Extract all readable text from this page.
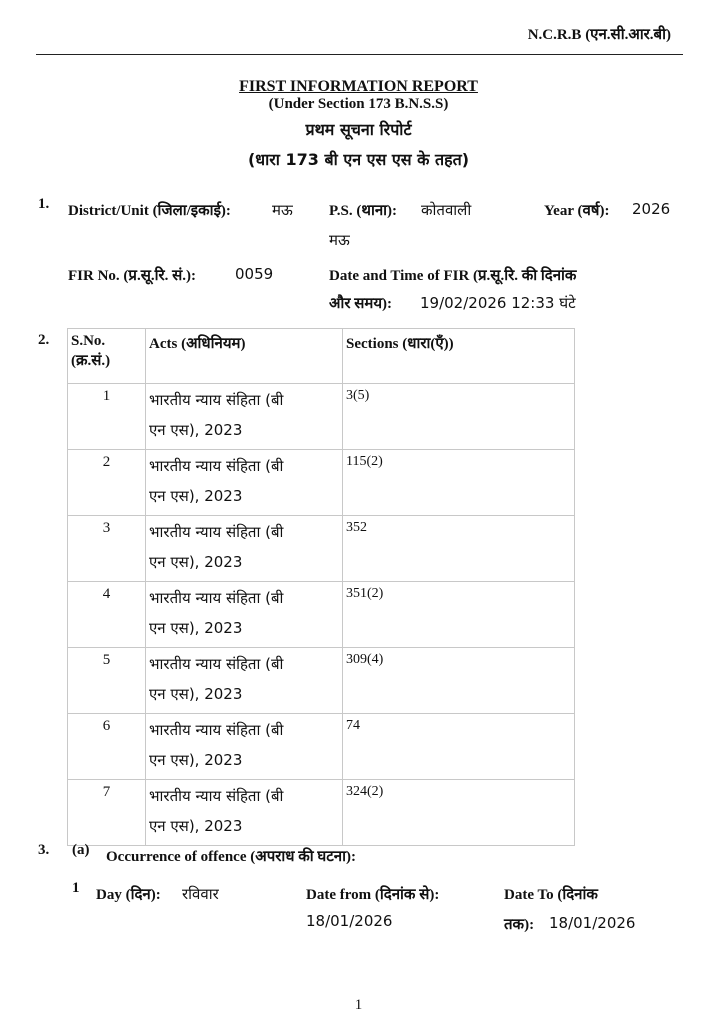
N.C.R.B (एन.सी.आर.बी)
FIRST INFORMATION REPORT
(Under Section 173 B.N.S.S)
प्रथम सूचना रिपोर्ट
(धारा 173 बी एन एस एस के तहत)
1. District/Unit (जिला/इकाई):	मऊ P.S. (थाना): कोतवाली
मऊ
Year (वर्ष): 2026
FIR No. (प्र.सू.रि. सं.):	0059	Date and Time of FIR (प्र.सू.रि. की दिनांक
और समय): 19/02/2026 12:33 घंटे
2. S.No.
(क्र.सं.)	Acts (अधिनियम)	Sections (धारा(एँ))
1	भारतीय न्याय संहिता (बी
एन एस), 2023	3(5)
2	भारतीय न्याय संहिता (बी
एन एस), 2023	115(2)
3	भारतीय न्याय संहिता (बी
एन एस), 2023	352
4	भारतीय न्याय संहिता (बी
एन एस), 2023	351(2)
5	भारतीय न्याय संहिता (बी
एन एस), 2023	309(4)
6	भारतीय न्याय संहिता (बी
एन एस), 2023	74
7	भारतीय न्याय संहिता (बी
एन एस), 2023	324(2)
3. (a) Occurrence of offence (अपराध की घटना):
1 Day (दिन): रविवार	Date from (दिनांक से):
18/01/2026
Date To (दिनांक
तक): 18/01/2026
1
